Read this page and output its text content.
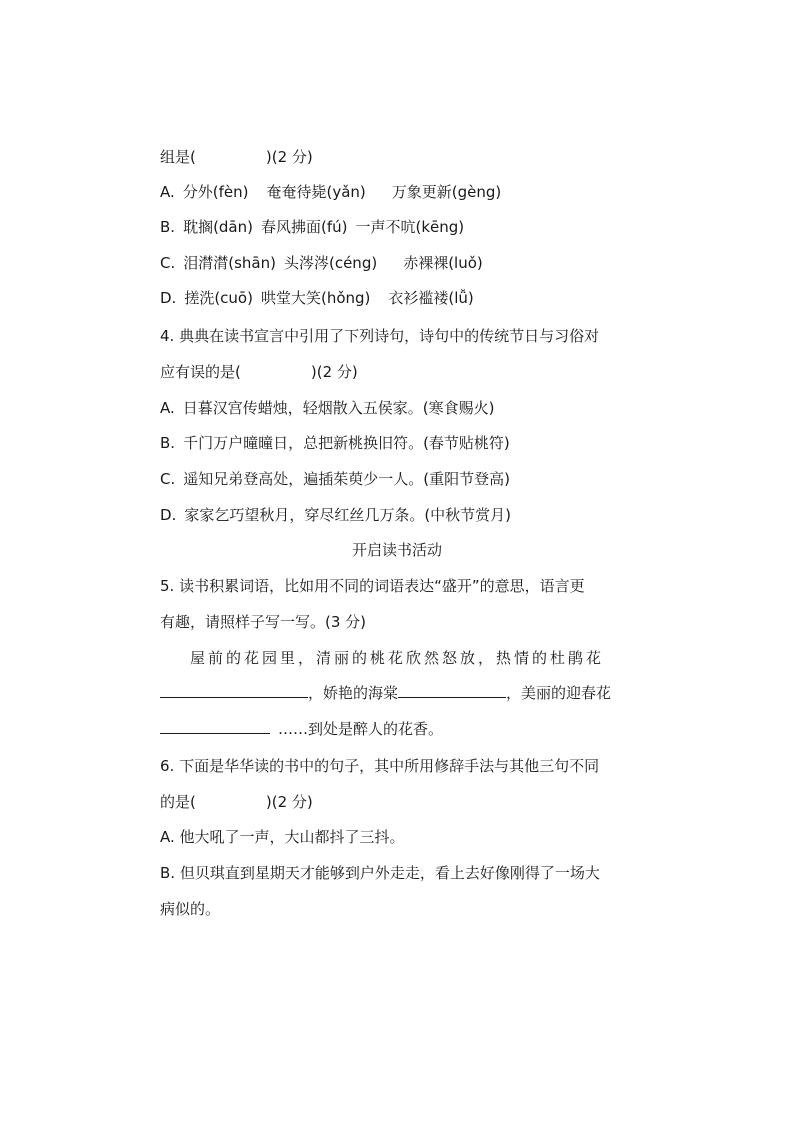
组是(	)(2 分)
A. 分外(fèn) 奄奄待毙(yǎn) 万象更新(gèng)
B. 耽搁(dān) 春风拂面(fú) 一声不吭(kēng)
C. 泪潸潸(shān) 头涔涔(céng) 赤裸裸(luǒ)
D. 搓洗(cuō) 哄堂大笑(hǒng) 衣衫褴褛(lǚ)
4. 典典在读书宣言中引用了下列诗句，诗句中的传统节日与习俗对
应有误的是(	)(2 分)
A. 日暮汉宫传蜡烛，轻烟散入五侯家。(寒食赐火)
B. 千门万户曈曈日，总把新桃换旧符。(春节贴桃符)
C. 遥知兄弟登高处，遍插茱萸少一人。(重阳节登高)
D. 家家乞巧望秋月，穿尽红丝几万条。(中秋节赏月)
开启读书活动
5. 读书积累词语，比如用不同的词语表达“盛开”的意思，语言更
有趣，请照样子写一写。(3 分)
屋前的花园里，清丽的桃花欣然怒放，热情的杜鹃花
，娇艳的海棠	，美丽的迎春花
……到处是醉人的花香。
6. 下面是华华读的书中的句子，其中所用修辞手法与其他三句不同
的是(	)(2 分)
A. 他大吼了一声，大山都抖了三抖。
B. 但贝琪直到星期天才能够到户外走走，看上去好像刚得了一场大
病似的。
